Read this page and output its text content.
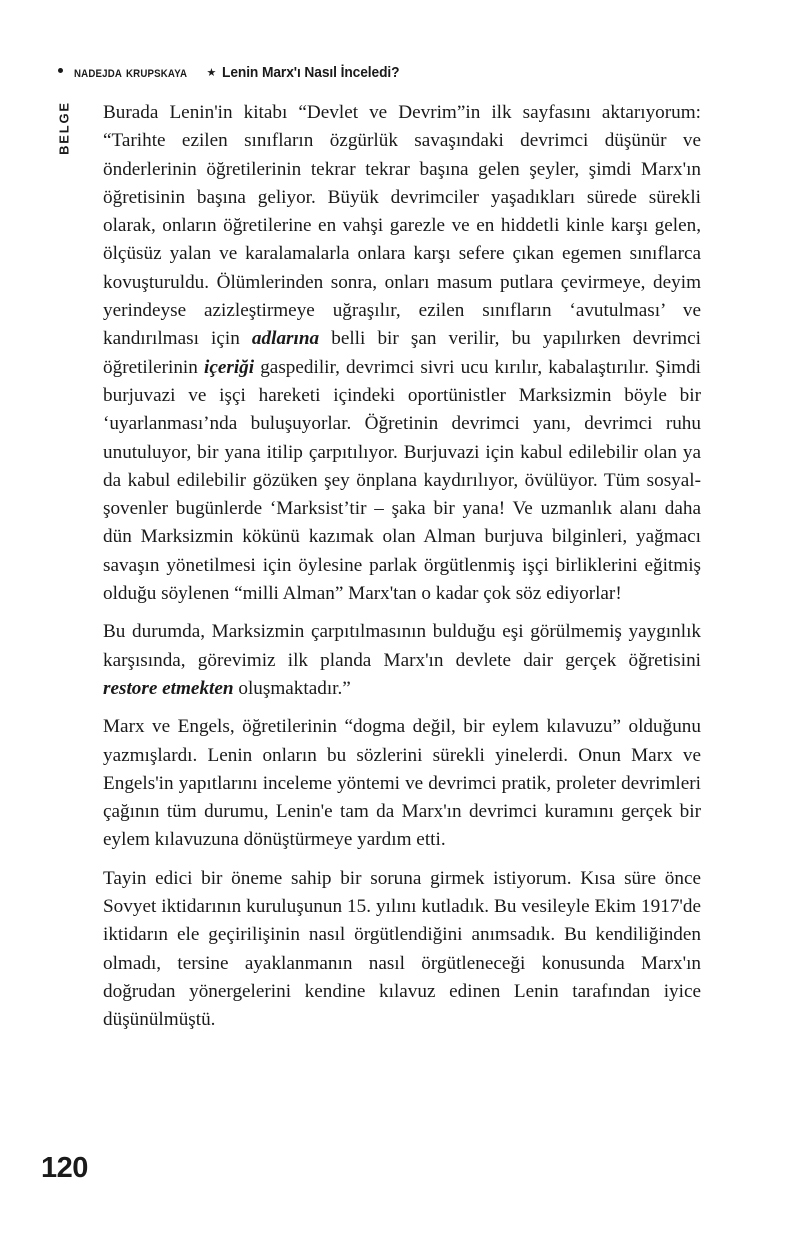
nadejda krupskaya ★ Lenin Marx'ı Nasıl İnceledi?
BELGE Burada Lenin'in kitabı “Devlet ve Devrim”in ilk sayfasını aktarıyorum: “Tarihte ezilen sınıfların özgürlük savaşındaki devrimci düşünür ve önderlerinin öğretilerinin tekrar tekrar başına gelen şeyler, şimdi Marx'ın öğretisinin başına geliyor. Büyük devrimciler yaşadıkları sürede sürekli olarak, onların öğretilerine en vahşi garezle ve en hiddetli kinle karşı gelen, ölçüsüz yalan ve karalamalarla onlara karşı sefere çıkan egemen sınıflarca kovuşturuldu. Ölümlerinden sonra, onları masum putlara çevirmeye, deyim yerindeyse azizleştirmeye uğraşılır, ezilen sınıfların ‘avutulması’ ve kandırılması için adlarına belli bir şan verilir, bu yapılırken devrimci öğretilerinin içeriği gaspedilir, devrimci sivri ucu kırılır, kabalaştırılır. Şimdi burjuvazi ve işçi hareketi içindeki oportünistler Marksizmin böyle bir ‘uyarlanması’nda buluşuyorlar. Öğretinin devrimci yanı, devrimci ruhu unutuluyor, bir yana itilip çarpıtılıyor. Burjuvazi için kabul edilebilir olan ya da kabul edilebilir gözüken şey önplana kaydırılıyor, övülüyor. Tüm sosyal-şovenler bugünlerde ‘Marksist’tir – şaka bir yana! Ve uzmanlık alanı daha dün Marksizmin kökünü kazımak olan Alman burjuva bilginleri, yağmacı savaşın yönetilmesi için öylesine parlak örgütlenmiş işçi birliklerini eğitmiş olduğu söylenen “milli Alman” Marx'tan o kadar çok söz ediyorlar!

Bu durumda, Marksizmin çarpıtılmasının bulduğu eşi görülmemiş yaygınlık karşısında, görevimiz ilk planda Marx'ın devlete dair gerçek öğretisini restore etmekten oluşmaktadır.”

Marx ve Engels, öğretilerinin “dogma değil, bir eylem kılavuzu” olduğunu yazmışlardı. Lenin onların bu sözlerini sürekli yinelerdi. Onun Marx ve Engels'in yapıtlarını inceleme yöntemi ve devrimci pratik, proleter devrimleri çağının tüm durumu, Lenin'e tam da Marx'ın devrimci kuramını gerçek bir eylem kılavuzuna dönüştürmeye yardım etti.

Tayin edici bir öneme sahip bir soruna girmek istiyorum. Kısa süre önce Sovyet iktidarının kuruluşunun 15. yılını kutladık. Bu vesileyle Ekim 1917'de iktidarın ele geçirilişinin nasıl örgütlendiğini anımsadık. Bu kendiliğinden olmadı, tersine ayaklanmanın nasıl örgütleneceği konusunda Marx'ın doğrudan yönergelerini kendine kılavuz edinen Lenin tarafından iyice düşünülmüştü.

120
